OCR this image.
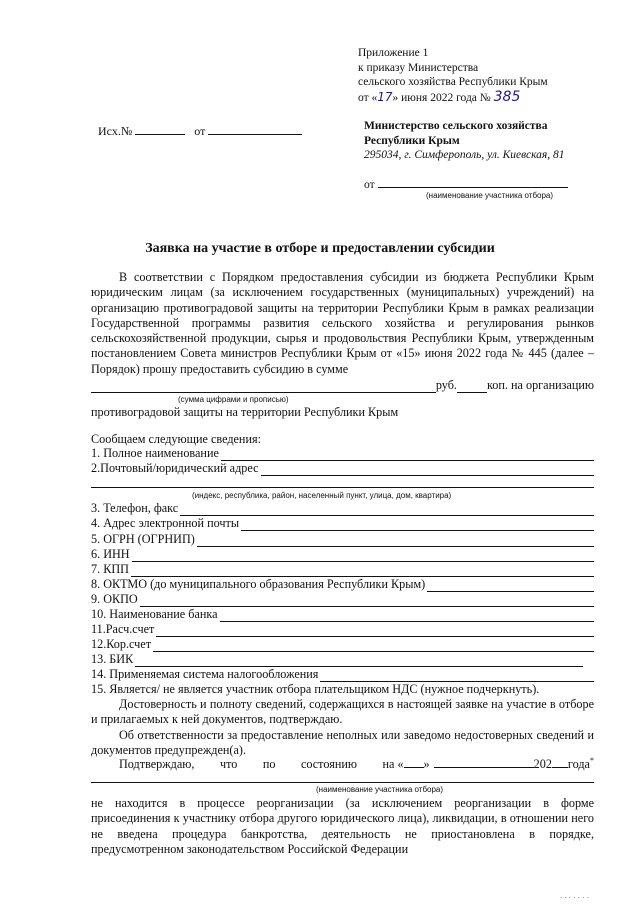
Приложение 1
к приказу Министерства
сельского хозяйства Республики Крым
от «17» июня 2022 года № 385
Исх.№	от	Министерство сельского хозяйства
Республики Крым
295034, г. Симферополь, ул. Киевская, 81
от
(наименование участника отбора)
Заявка на участие в отборе и предоставлении субсидии
В соответствии с Порядком предоставления субсидии из бюджета Республики Крым юридическим лицам (за исключением государственных (муниципальных) учреждений) на организацию противоградовой защиты на территории Республики Крым в рамках реализации Государственной программы развития сельского хозяйства и регулирования рынков сельскохозяйственной продукции, сырья и продовольствия Республики Крым, утвержденным постановлением Совета министров Республики Крым от «15» июня 2022 года № 445 (далее – Порядок) прошу предоставить субсидию в сумме
руб. коп. на организацию
(сумма цифрами и прописью)
противоградовой защиты на территории Республики Крым
Сообщаем следующие сведения:
1. Полное наименование
2.Почтовый/юридический адрес
(индекс, республика, район, населенный пункт, улица, дом, квартира)
3. Телефон, факс
4. Адрес электронной почты
5. ОГРН (ОГРНИП)
6. ИНН
7. КПП
8. ОКТМО (до муниципального образования Республики Крым)
9. ОКПО
10. Наименование банка
11.Расч.счет
12.Кор.счет
13. БИК
14. Применяемая система налогообложения
15. Является/ не является участник отбора плательщиком НДС (нужное подчеркнуть).
Достоверность и полноту сведений, содержащихся в настоящей заявке на участие в отборе и прилагаемых к ней документов, подтверждаю.
Об ответственности за предоставление неполных или заведомо недостоверных сведений и документов предупрежден(а).
Подтверждаю, что по состоянию на « »	202 года*
(наименование участника отбора)
не находится в процессе реорганизации (за исключением реорганизации в форме присоединения к участнику отбора другого юридического лица), ликвидации, в отношении него не введена процедура банкротства, деятельность не приостановлена в порядке, предусмотренном законодательством Российской Федерации
. . . . . . .
